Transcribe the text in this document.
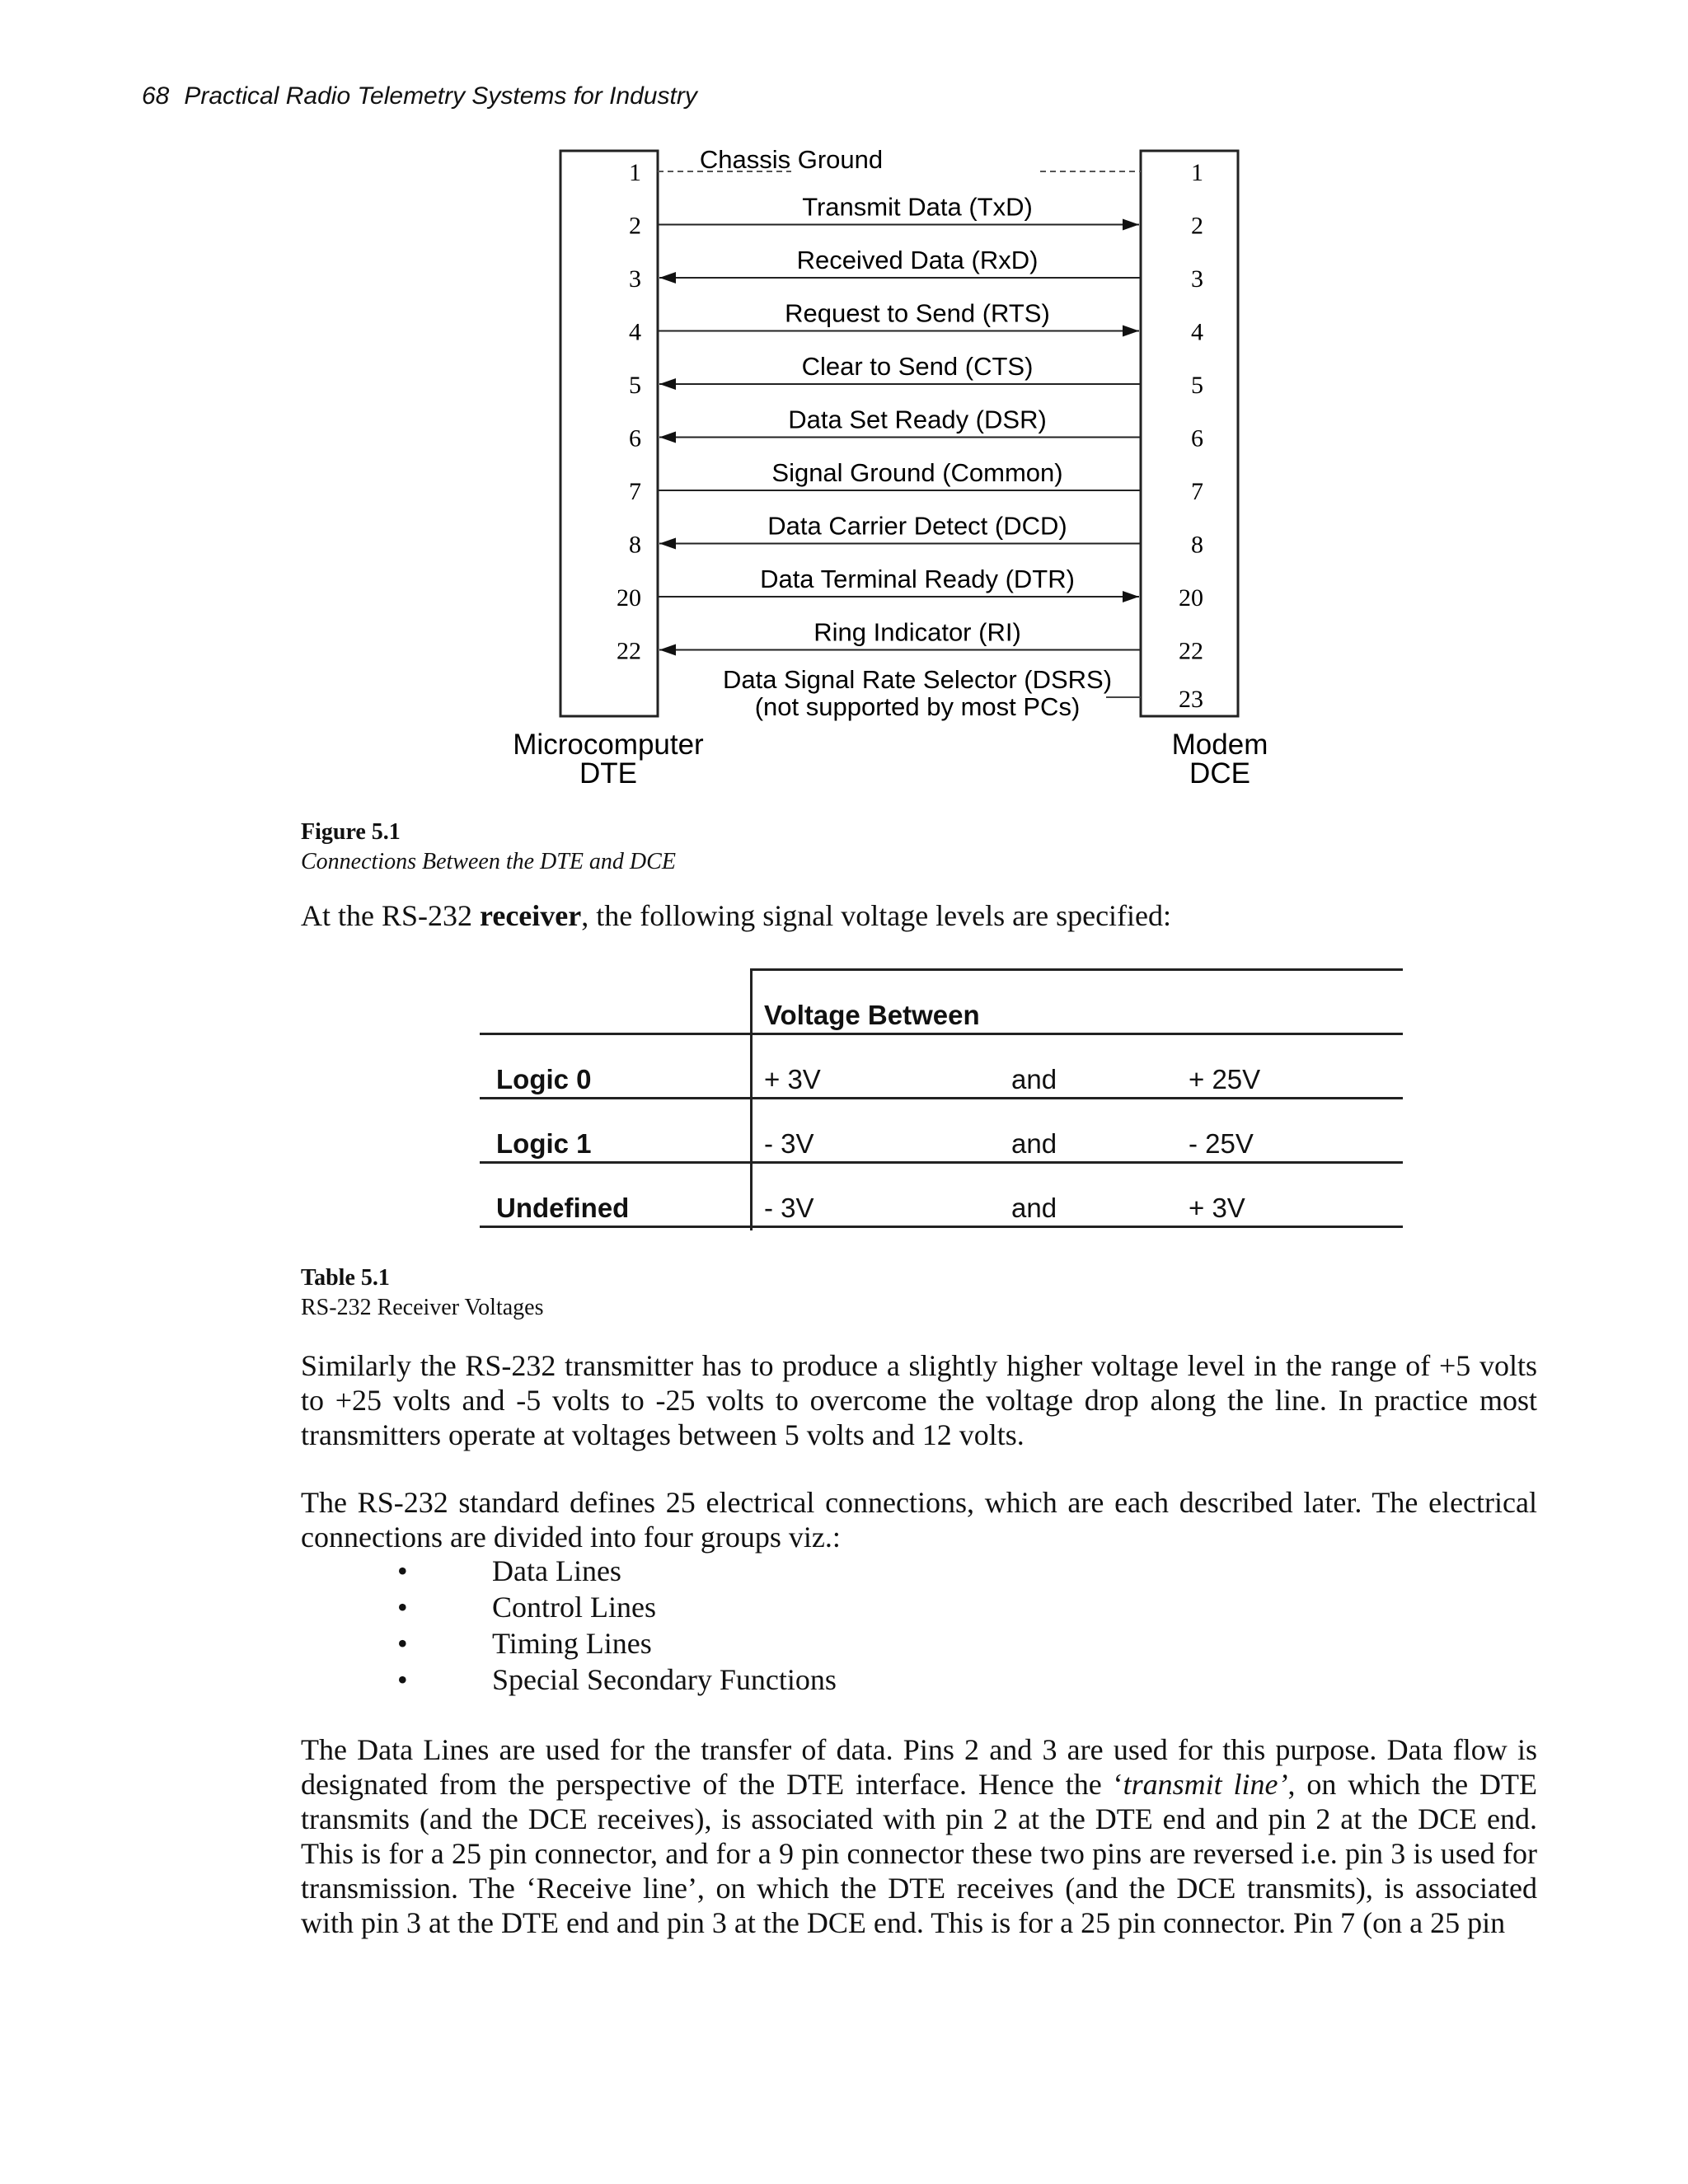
68 Practical Radio Telemetry Systems for Industry
1	1
Chassis Ground
2	2
Transmit Data (TxD)
3	3
Received Data (RxD)
4	4
Request to Send (RTS)
5	5
Clear to Send (CTS)
6	6
Data Set Ready (DSR)
7	7
Signal Ground (Common)
8	8
Data Carrier Detect (DCD)
20	20
Data Terminal Ready (DTR)
22	22
Ring Indicator (RI)
23
Data Signal Rate Selector (DSRS)
(not supported by most PCs)
Microcomputer
DTE
Modem
DCE
Figure 5.1
Connections Between the DTE and DCE
At the RS-232 receiver, the following signal voltage levels are specified:
Voltage Between
Logic 0	+ 3V	and	+ 25V
Logic 1	- 3V	and	- 25V
Undefined	- 3V	and	+ 3V
Table 5.1
RS-232 Receiver Voltages
Similarly the RS-232 transmitter has to produce a slightly higher voltage level in the range of +5 volts to +25 volts and -5 volts to -25 volts to overcome the voltage drop along the line. In practice most transmitters operate at voltages between 5 volts and 12 volts.
The RS-232 standard defines 25 electrical connections, which are each described later. The electrical connections are divided into four groups viz.:
•	Data Lines
•	Control Lines
•	Timing Lines
•	Special Secondary Functions
The Data Lines are used for the transfer of data. Pins 2 and 3 are used for this purpose. Data flow is designated from the perspective of the DTE interface. Hence the ‘transmit line’, on which the DTE transmits (and the DCE receives), is associated with pin 2 at the DTE end and pin 2 at the DCE end. This is for a 25 pin connector, and for a 9 pin connector these two pins are reversed i.e. pin 3 is used for transmission. The ‘Receive line’, on which the DTE receives (and the DCE transmits), is associated with pin 3 at the DTE end and pin 3 at the DCE end. This is for a 25 pin connector. Pin 7 (on a 25 pin
